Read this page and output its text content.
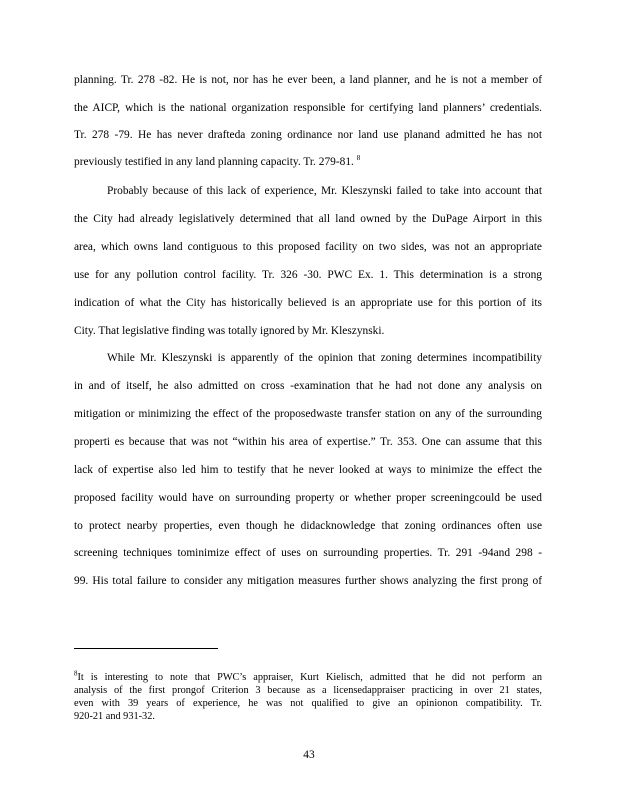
planning. Tr. 278 -82. He is not, nor has he ever been, a land planner, and he is not a member of
the AICP, which is the national organization responsible for certifying land planners’ credentials.
Tr. 278 -79. He has never drafteda zoning ordinance nor land use planand admitted he has not
previously testified in any land planning capacity. Tr. 279-81. $^8$
Probably because of this lack of experience, Mr. Kleszynski failed to take into account that
the City had already legislatively determined that all land owned by the DuPage Airport in this
area, which owns land contiguous to this proposed facility on two sides, was not an appropriate
use for any pollution control facility. Tr. 326 -30. PWC Ex. 1. This determination is a strong
indication of what the City has historically believed is an appropriate use for this portion of its
City. That legislative finding was totally ignored by Mr. Kleszynski.
While Mr. Kleszynski is apparently of the opinion that zoning determines incompatibility
in and of itself, he also admitted on cross -examination that he had not done any analysis on
mitigation or minimizing the effect of the proposedwaste transfer station on any of the surrounding
properti es because that was not “within his area of expertise.” Tr. 353. One can assume that this
lack of expertise also led him to testify that he never looked at ways to minimize the effect the
proposed facility would have on surrounding property or whether proper screeningcould be used
to protect nearby properties, even though he didacknowledge that zoning ordinances often use
screening techniques tominimize effect of uses on surrounding properties. Tr. 291 -94and 298 -
99. His total failure to consider any mitigation measures further shows analyzing the first prong of
$^8$It is interesting to note that PWC’s appraiser, Kurt Kielisch, admitted that he did not perform an
analysis of the first prongof Criterion 3 because as a licensedappraiser practicing in over 21 states,
even with 39 years of experience, he was not qualified to give an opinionon compatibility. Tr.
920-21 and 931-32.
43
